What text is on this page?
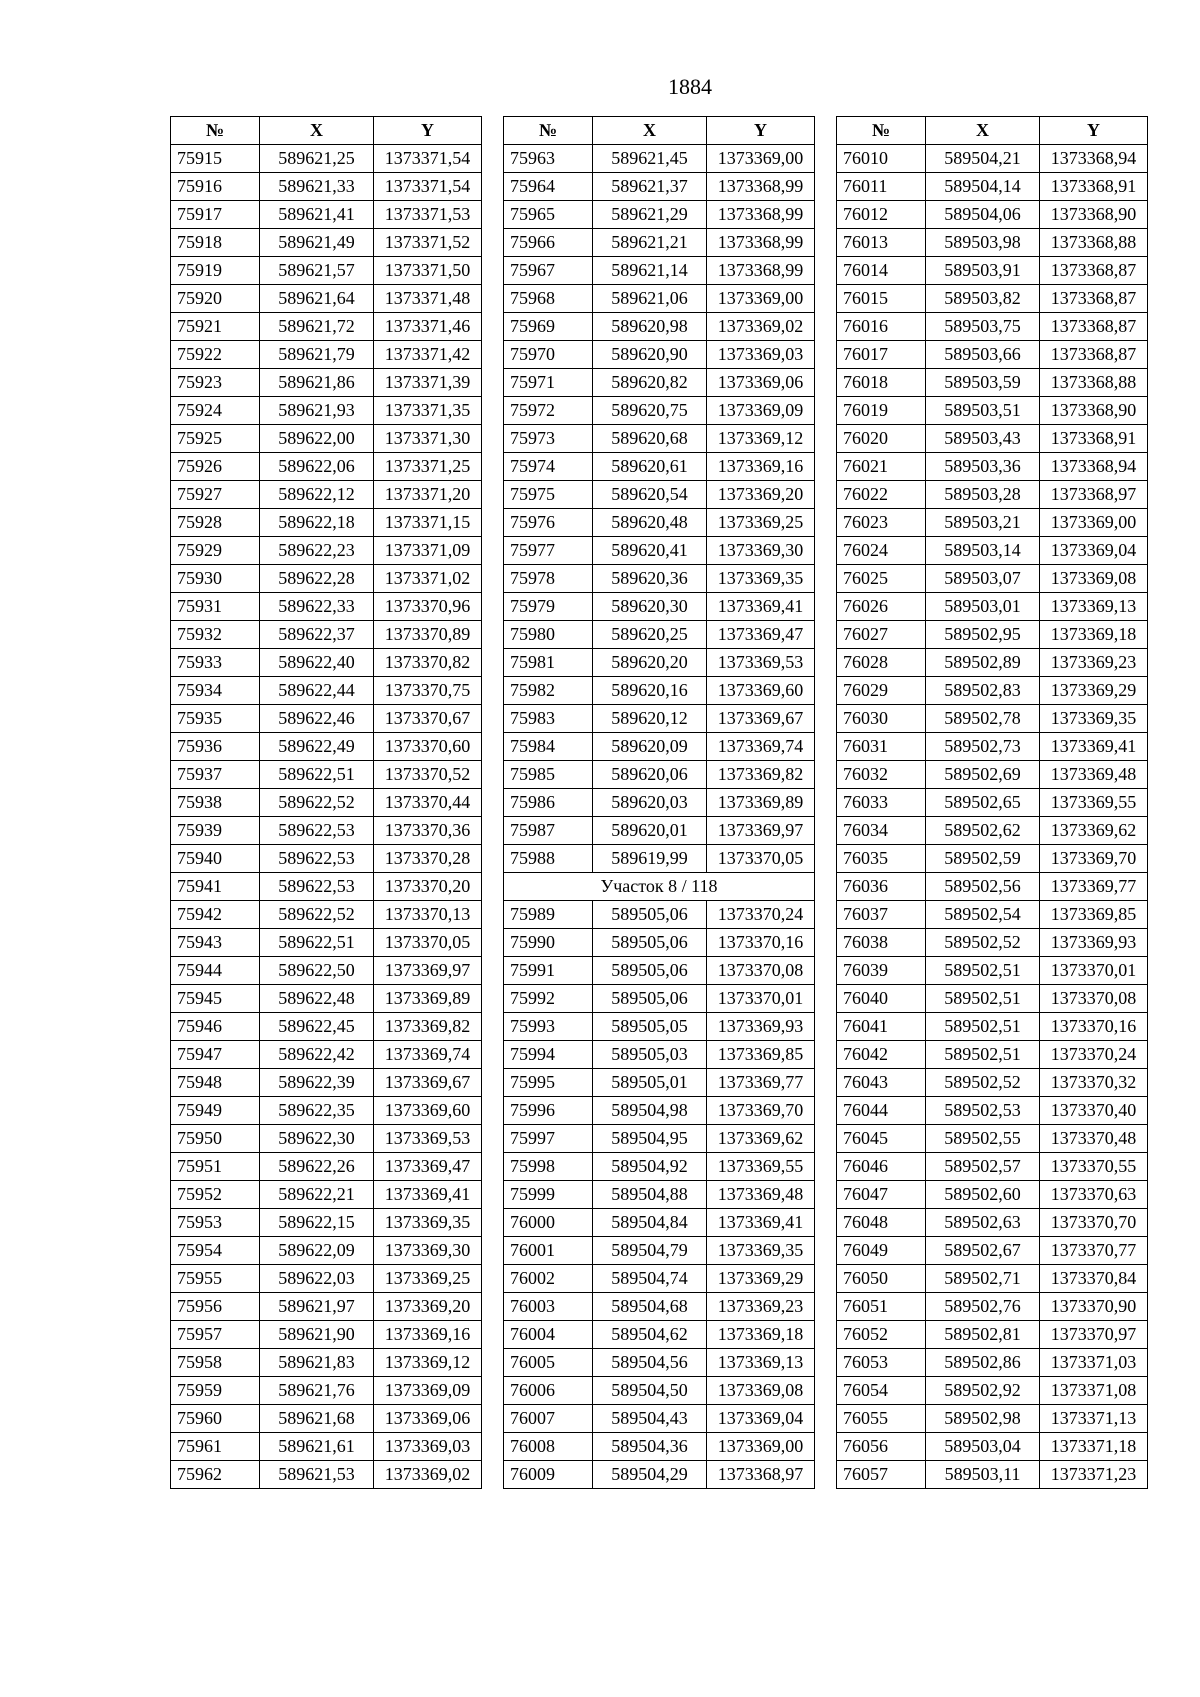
1884
№	X	Y
75915	589621,25	1373371,54
75916	589621,33	1373371,54
75917	589621,41	1373371,53
75918	589621,49	1373371,52
75919	589621,57	1373371,50
75920	589621,64	1373371,48
75921	589621,72	1373371,46
75922	589621,79	1373371,42
75923	589621,86	1373371,39
75924	589621,93	1373371,35
75925	589622,00	1373371,30
75926	589622,06	1373371,25
75927	589622,12	1373371,20
75928	589622,18	1373371,15
75929	589622,23	1373371,09
75930	589622,28	1373371,02
75931	589622,33	1373370,96
75932	589622,37	1373370,89
75933	589622,40	1373370,82
75934	589622,44	1373370,75
75935	589622,46	1373370,67
75936	589622,49	1373370,60
75937	589622,51	1373370,52
75938	589622,52	1373370,44
75939	589622,53	1373370,36
75940	589622,53	1373370,28
75941	589622,53	1373370,20
75942	589622,52	1373370,13
75943	589622,51	1373370,05
75944	589622,50	1373369,97
75945	589622,48	1373369,89
75946	589622,45	1373369,82
75947	589622,42	1373369,74
75948	589622,39	1373369,67
75949	589622,35	1373369,60
75950	589622,30	1373369,53
75951	589622,26	1373369,47
75952	589622,21	1373369,41
75953	589622,15	1373369,35
75954	589622,09	1373369,30
75955	589622,03	1373369,25
75956	589621,97	1373369,20
75957	589621,90	1373369,16
75958	589621,83	1373369,12
75959	589621,76	1373369,09
75960	589621,68	1373369,06
75961	589621,61	1373369,03
75962	589621,53	1373369,02
№	X	Y
75963	589621,45	1373369,00
75964	589621,37	1373368,99
75965	589621,29	1373368,99
75966	589621,21	1373368,99
75967	589621,14	1373368,99
75968	589621,06	1373369,00
75969	589620,98	1373369,02
75970	589620,90	1373369,03
75971	589620,82	1373369,06
75972	589620,75	1373369,09
75973	589620,68	1373369,12
75974	589620,61	1373369,16
75975	589620,54	1373369,20
75976	589620,48	1373369,25
75977	589620,41	1373369,30
75978	589620,36	1373369,35
75979	589620,30	1373369,41
75980	589620,25	1373369,47
75981	589620,20	1373369,53
75982	589620,16	1373369,60
75983	589620,12	1373369,67
75984	589620,09	1373369,74
75985	589620,06	1373369,82
75986	589620,03	1373369,89
75987	589620,01	1373369,97
75988	589619,99	1373370,05
Участок 8 / 118		
75989	589505,06	1373370,24
75990	589505,06	1373370,16
75991	589505,06	1373370,08
75992	589505,06	1373370,01
75993	589505,05	1373369,93
75994	589505,03	1373369,85
75995	589505,01	1373369,77
75996	589504,98	1373369,70
75997	589504,95	1373369,62
75998	589504,92	1373369,55
75999	589504,88	1373369,48
76000	589504,84	1373369,41
76001	589504,79	1373369,35
76002	589504,74	1373369,29
76003	589504,68	1373369,23
76004	589504,62	1373369,18
76005	589504,56	1373369,13
76006	589504,50	1373369,08
76007	589504,43	1373369,04
76008	589504,36	1373369,00
76009	589504,29	1373368,97
№	X	Y
76010	589504,21	1373368,94
76011	589504,14	1373368,91
76012	589504,06	1373368,90
76013	589503,98	1373368,88
76014	589503,91	1373368,87
76015	589503,82	1373368,87
76016	589503,75	1373368,87
76017	589503,66	1373368,87
76018	589503,59	1373368,88
76019	589503,51	1373368,90
76020	589503,43	1373368,91
76021	589503,36	1373368,94
76022	589503,28	1373368,97
76023	589503,21	1373369,00
76024	589503,14	1373369,04
76025	589503,07	1373369,08
76026	589503,01	1373369,13
76027	589502,95	1373369,18
76028	589502,89	1373369,23
76029	589502,83	1373369,29
76030	589502,78	1373369,35
76031	589502,73	1373369,41
76032	589502,69	1373369,48
76033	589502,65	1373369,55
76034	589502,62	1373369,62
76035	589502,59	1373369,70
76036	589502,56	1373369,77
76037	589502,54	1373369,85
76038	589502,52	1373369,93
76039	589502,51	1373370,01
76040	589502,51	1373370,08
76041	589502,51	1373370,16
76042	589502,51	1373370,24
76043	589502,52	1373370,32
76044	589502,53	1373370,40
76045	589502,55	1373370,48
76046	589502,57	1373370,55
76047	589502,60	1373370,63
76048	589502,63	1373370,70
76049	589502,67	1373370,77
76050	589502,71	1373370,84
76051	589502,76	1373370,90
76052	589502,81	1373370,97
76053	589502,86	1373371,03
76054	589502,92	1373371,08
76055	589502,98	1373371,13
76056	589503,04	1373371,18
76057	589503,11	1373371,23
